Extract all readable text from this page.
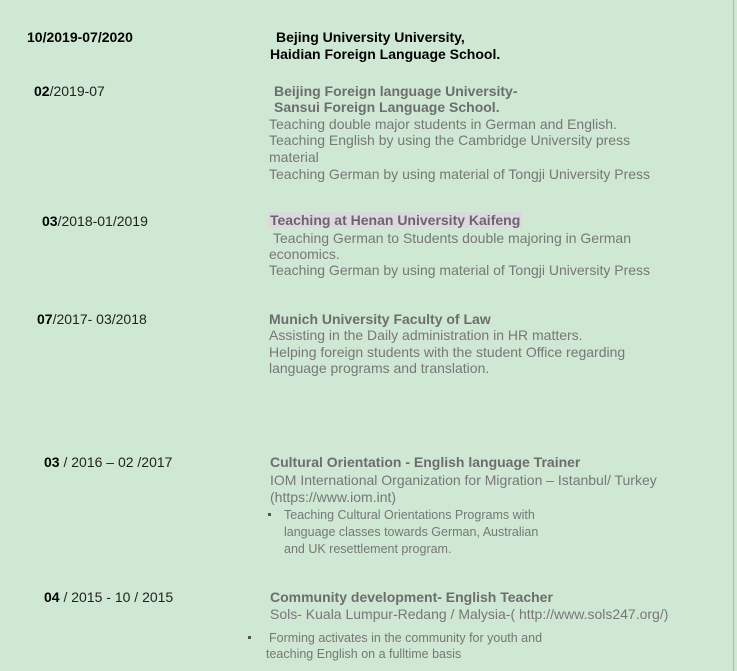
10/2019-07/2020	Bejing University University,
Haidian Foreign Language School.
02/2019-07	Beijing Foreign language University-
Sansui Foreign Language School.
Teaching double major students in German and English.
Teaching English by using the Cambridge University press
material
Teaching German by using material of Tongji University Press
03/2018-01/2019	Teaching at Henan University Kaifeng
Teaching German to Students double majoring in German
economics.
Teaching German by using material of Tongji University Press
07/2017- 03/2018	Munich University Faculty of Law
Assisting in the Daily administration in HR matters.
Helping foreign students with the student Office regarding
language programs and translation.
03 / 2016 – 02 /2017	Cultural Orientation - English language Trainer
IOM International Organization for Migration – Istanbul/ Turkey
(https://www.iom.int)
Teaching Cultural Orientations Programs with
language classes towards German, Australian
and UK resettlement program.
04 / 2015 - 10 / 2015	Community development- English Teacher
Sols- Kuala Lumpur-Redang / Malysia-( http://www.sols247.org/)
Forming activates in the community for youth and
teaching English on a fulltime basis
